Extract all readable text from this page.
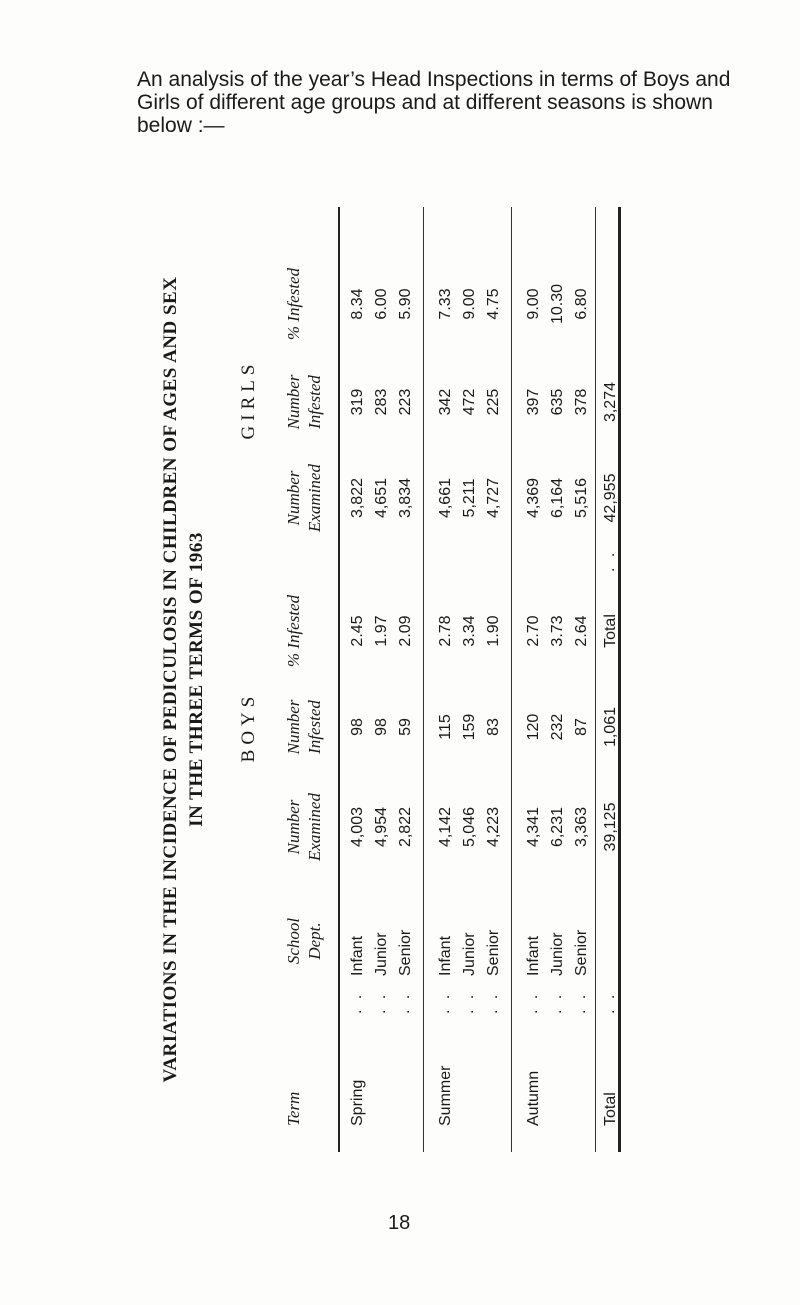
An analysis of the year’s Head Inspections in terms of Boys and Girls of different age groups and at different seasons is shown below :—
VARIATIONS IN THE INCIDENCE OF PEDICULOSIS IN CHILDREN OF AGES AND SEX IN THE THREE TERMS OF 1963 BOYS
GIRLS
Term
School Dept.
Number Examined
Number Infested
% Infested
Number Examined
Number Infested
% Infested
Spring
. .
Infant
4,003
98
2.45
3,822
319
8.34
. .
Junior
4,954
98
1.97
4,651
283
6.00
. .
Senior
2,822
59
2.09
3,834
223
5.90
Summer
. .
Infant
4,142
115
2.78
4,661
342
7.33
. .
Junior
5,046
159
3.34
5,211
472
9.00
. .
Senior
4,223
83
1.90
4,727
225
4.75
Autumn
. .
Infant
4,341
120
2.70
4,369
397
9.00
. .
Junior
6,231
232
3.73
6,164
635
10.30
. .
Senior
3,363
87
2.64
5,516
378
6.80
Total
. .
39,125
1,061
Total
. .
42,955
3,274
18
